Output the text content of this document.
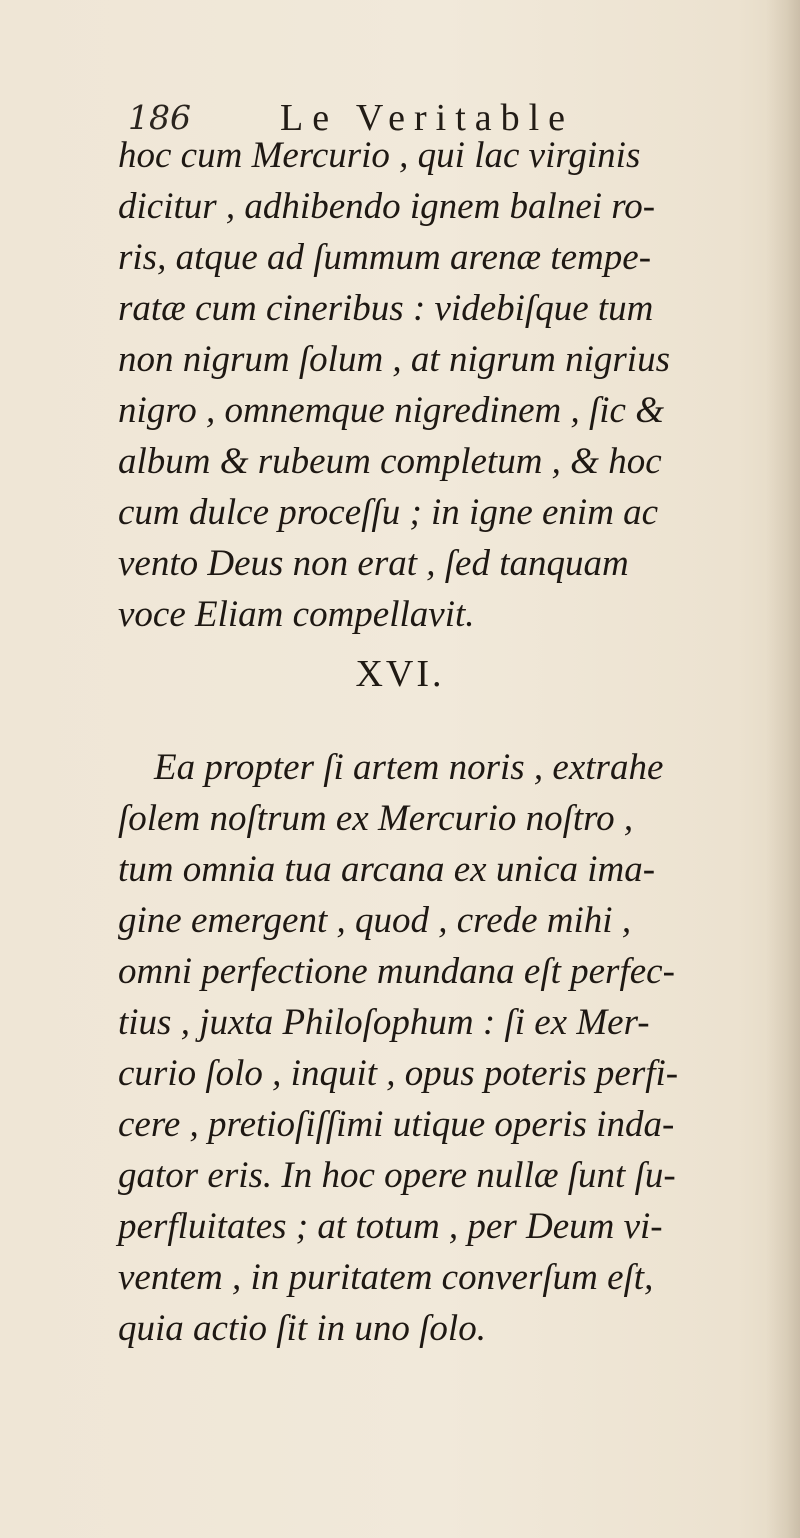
186 Le Veritable
hoc cum Mercurio , qui lac virginis
dicitur , adhibendo ignem balnei ro-
ris, atque ad ſummum arenæ tempe-
ratæ cum cineribus : videbiſque tum
non nigrum ſolum , at nigrum nigrius
nigro , omnemque nigredinem , ſic &
album & rubeum completum , & hoc
cum dulce proceſſu ; in igne enim ac
vento Deus non erat , ſed tanquam
voce Eliam compellavit.
XVI.
Ea propter ſi artem noris , extrahe
ſolem noſtrum ex Mercurio noſtro ,
tum omnia tua arcana ex unica ima-
gine emergent , quod , crede mihi ,
omni perfectione mundana eſt perfec-
tius , juxta Philoſophum : ſi ex Mer-
curio ſolo , inquit , opus poteris perfi-
cere , pretioſiſſimi utique operis inda-
gator eris. In hoc opere nullæ ſunt ſu-
perfluitates ; at totum , per Deum vi-
ventem , in puritatem converſum eſt,
quia actio ſit in uno ſolo.
